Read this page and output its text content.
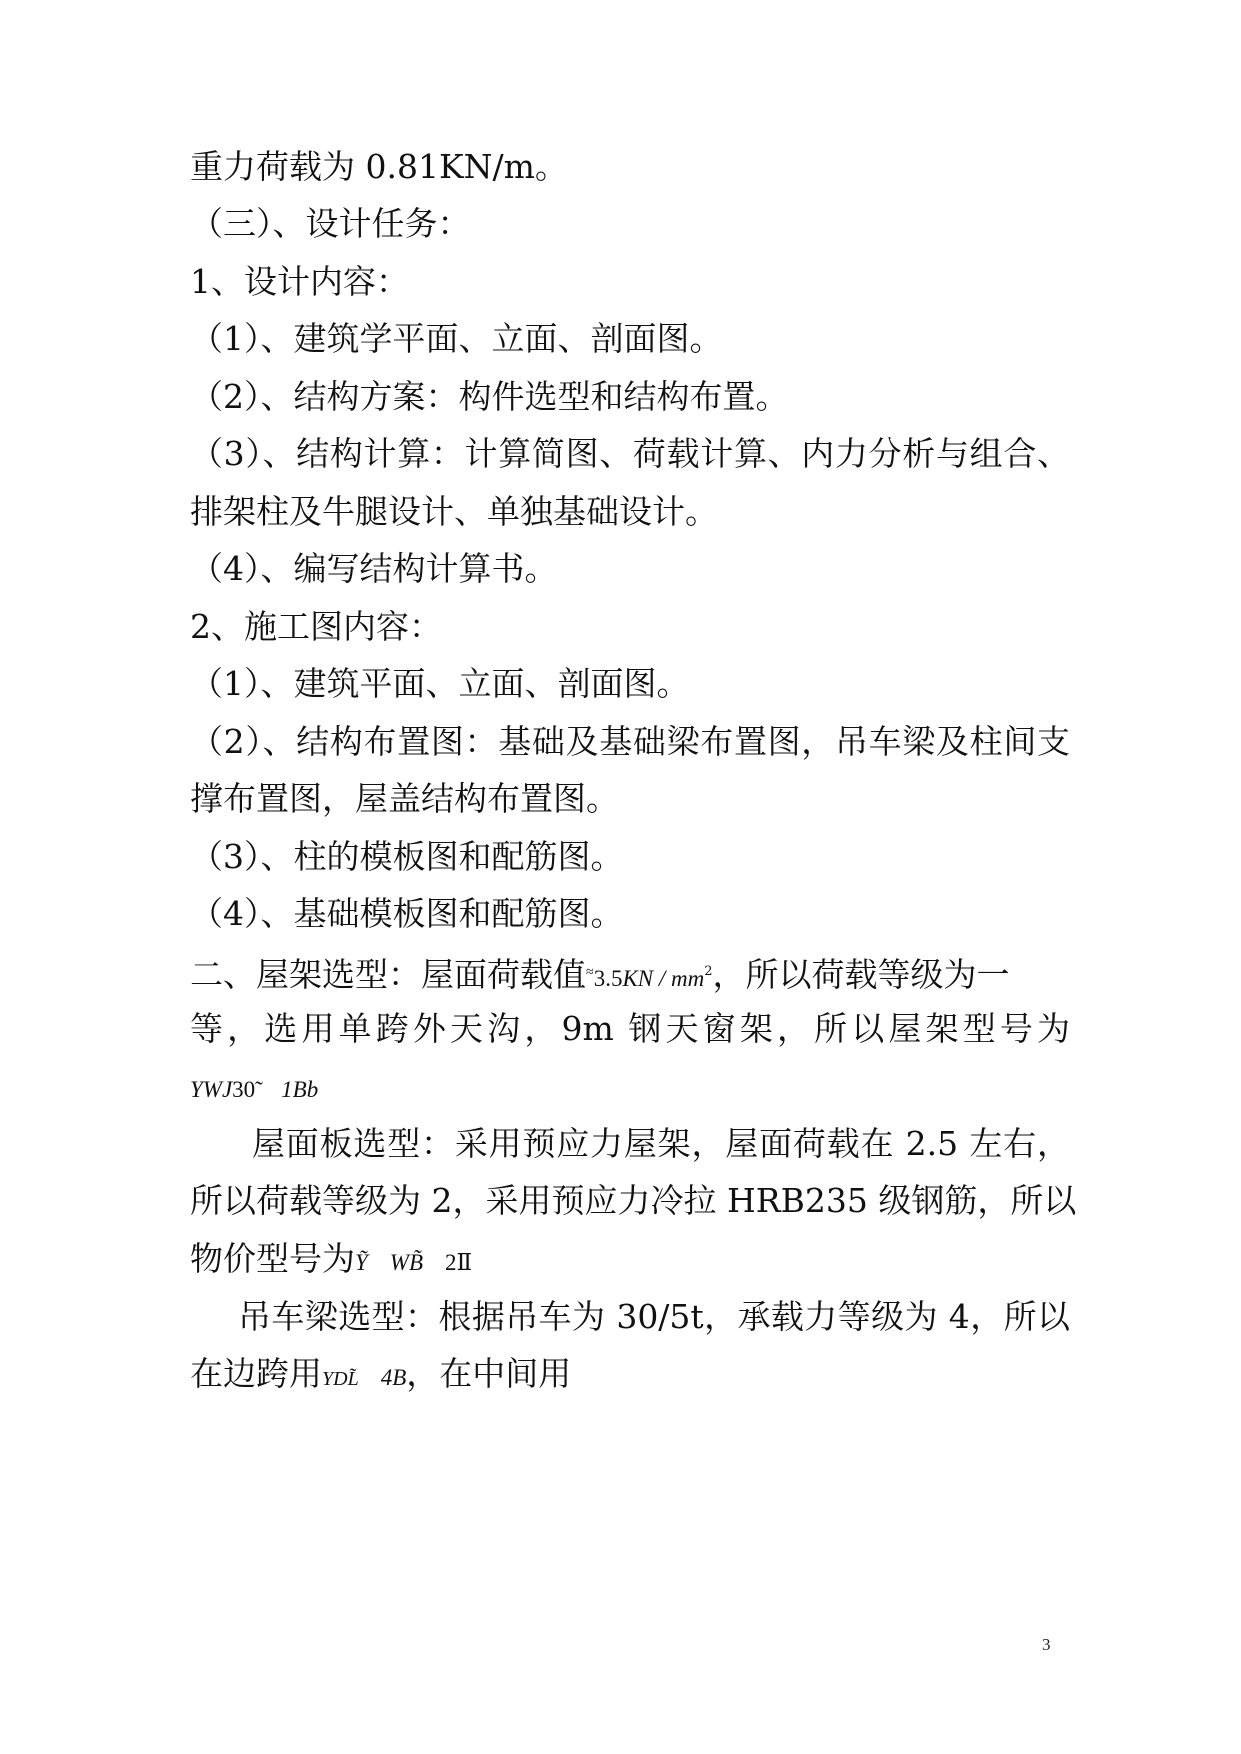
重力荷载为 0.81KN/m。
（三）、设计任务：
1、设计内容：
（1）、建筑学平面、立面、剖面图。
（2）、结构方案：构件选型和结构布置。
（3）、结构计算：计算简图、荷载计算、内力分析与组合、
排架柱及牛腿设计、单独基础设计。
（4）、编写结构计算书。
2、施工图内容：
（1）、建筑平面、立面、剖面图。
（2）、结构布置图：基础及基础梁布置图，吊车梁及柱间支
撑布置图，屋盖结构布置图。
（3）、柱的模板图和配筋图。
（4）、基础模板图和配筋图。
二、屋架选型：屋面荷载值$^\approx 3.5KN / mm^2$，所以荷载等级为一
等，选用单跨外天沟，9m 钢天窗架，所以屋架型号为
YWJ30̃ 1Bb
屋面板选型：采用预应力屋架，屋面荷载在 2.5 左右，
所以荷载等级为 2，采用预应力冷拉 HRB235 级钢筋，所以
物价型号为Ỹ WB̃ 2Ⅱ
吊车梁选型：根据吊车为 30/5t，承载力等级为 4，所以
在边跨用YDL̃ 4B，在中间用
3
